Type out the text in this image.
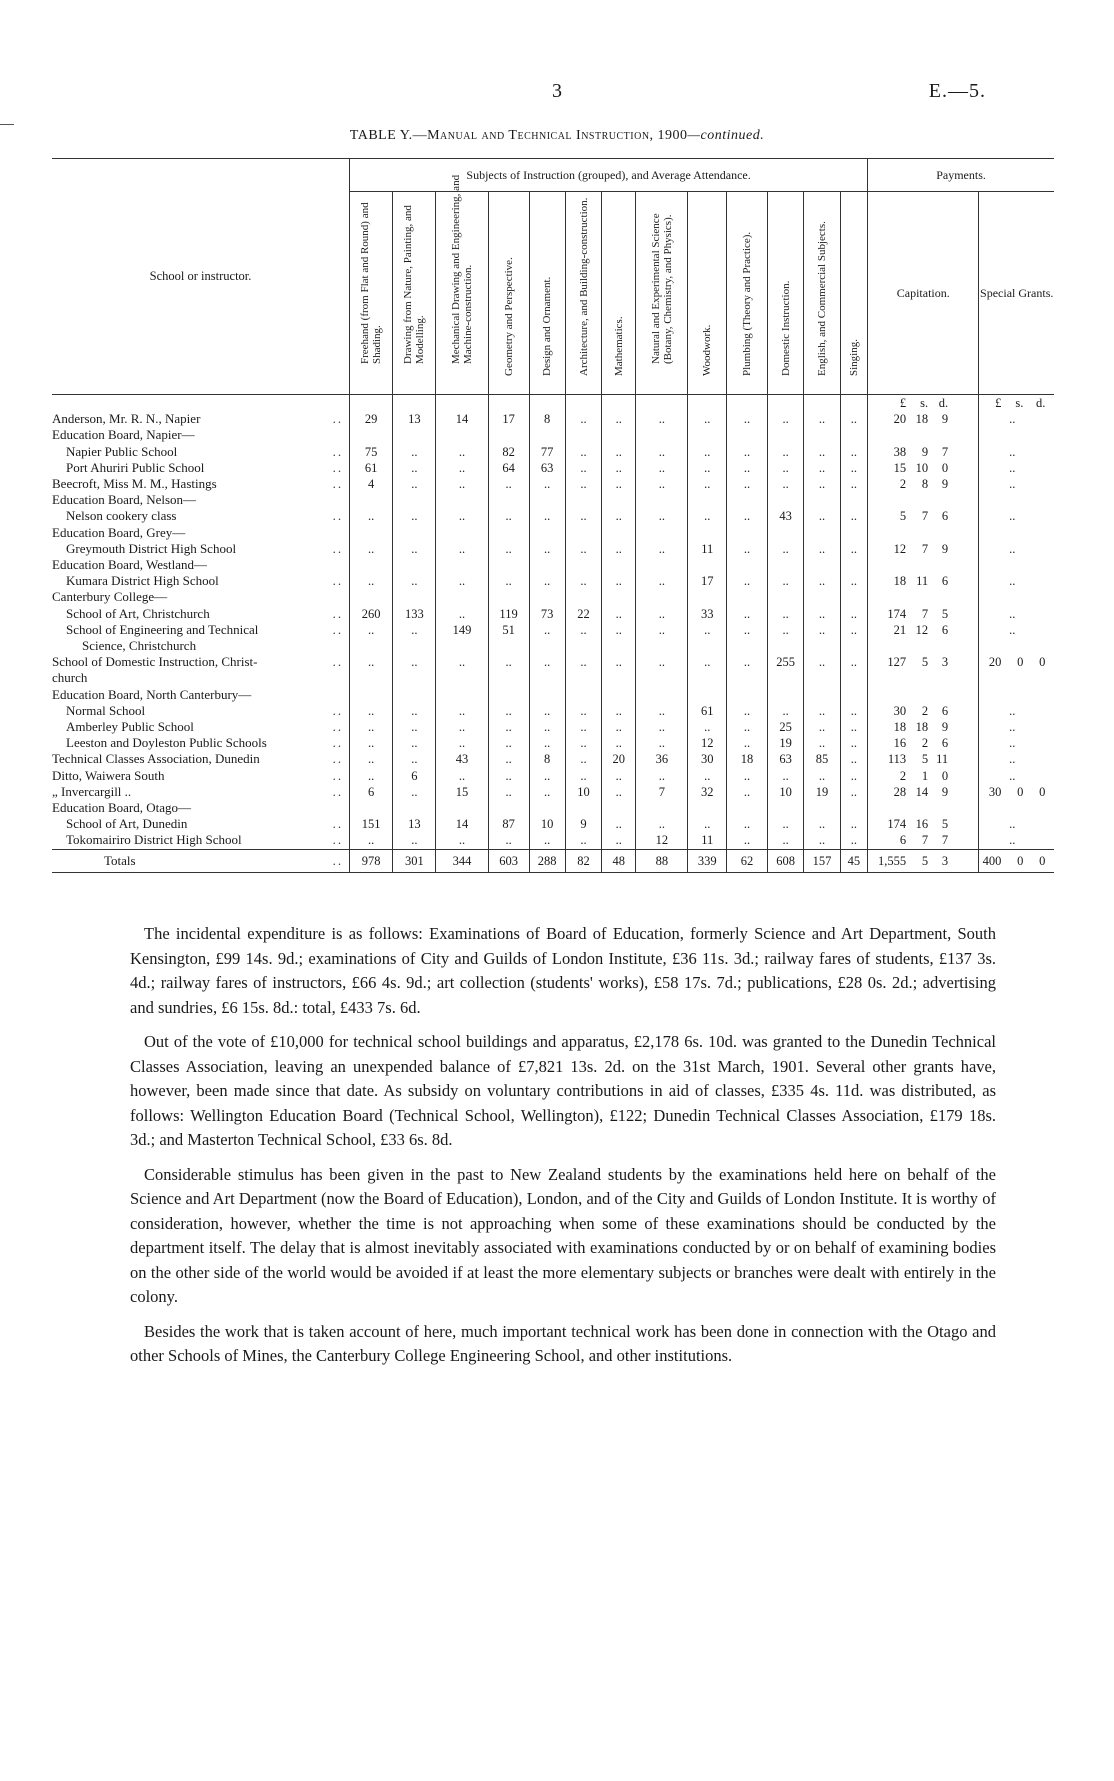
3	E.—5.
TABLE Y.—Manual and Technical Instruction, 1900—continued.
School or instructor.	Subjects of Instruction (grouped), and Average Attendance.													Payments.	

	Freehand (from Flat and Round) and Shading.	Drawing from Nature, Painting, and Modelling.	Mechanical Drawing and Engineering, and Machine-construction.	Geometry and Perspective.	Design and Ornament.	Architecture, and Building-construction.	Mathematics.	Natural and Experimental Science (Botany, Chemistry, and Physics).	Woodwork.	Plumbing (Theory and Practice).	Domestic Instruction.	English, and Commercial Subjects.	Singing.	Capitation.	Special Grants.
														£ s. d.	£ s. d.
Anderson, Mr. R. N., Napier ..	29	13	14	17	8	..	..	..	..	..	..	..	..	20 18 9	..
Education Board, Napier—															
Napier Public School ..	75	..	..	82	77	..	..	..	..	..	..	..	..	38 9 7	..
Port Ahuriri Public School ..	61	..	..	64	63	..	..	..	..	..	..	..	..	15 10 0	..
Beecroft, Miss M. M., Hastings ..	4	..	..	..	..	..	..	..	..	..	..	..	..	2 8 9	..
Education Board, Nelson—															
Nelson cookery class ..	..	..	..	..	..	..	..	..	..	..	43	..	..	5 7 6	..
Education Board, Grey—															
Greymouth District High School ..	..	..	..	..	..	..	..	..	11	..	..	..	..	12 7 9	..
Education Board, Westland—															
Kumara District High School ..	..	..	..	..	..	..	..	..	17	..	..	..	..	18 11 6	..
Canterbury College—															
School of Art, Christchurch ..	260	133	..	119	73	22	..	..	33	..	..	..	..	174 7 5	..
School of Engineering and Technical ..	..	..	149	51	..	..	..	..	..	..	..	..	..	21 12 6	..
Science, Christchurch															
School of Domestic Instruction, Christ- ..	..	..	..	..	..	..	..	..	..	..	255	..	..	127 5 3	20 0 0
church															
Education Board, North Canterbury—															
Normal School ..	..	..	..	..	..	..	..	..	61	..	..	..	..	30 2 6	..
Amberley Public School ..	..	..	..	..	..	..	..	..	..	..	25	..	..	18 18 9	..
Leeston and Doyleston Public Schools ..	..	..	..	..	..	..	..	..	12	..	19	..	..	16 2 6	..
Technical Classes Association, Dunedin ..	..	..	43	..	8	..	20	36	30	18	63	85	..	113 5 11	..
Ditto, Waiwera South ..	..	6	..	..	..	..	..	..	..	..	..	..	..	2 1 0	..
„ Invercargill .. ..	6	..	15	..	..	10	..	7	32	..	10	19	..	28 14 9	30 0 0
Education Board, Otago—															
School of Art, Dunedin ..	151	13	14	87	10	9	..	..	..	..	..	..	..	174 16 5	..
Tokomairiro District High School ..	..	..	..	..	..	..	..	12	11	..	..	..	..	6 7 7	..
Totals ..	978	301	344	603	288	82	48	88	339	62	608	157	45	1,555 5 3	400 0 0

The incidental expenditure is as follows: Examinations of Board of Education, formerly Science and Art Department, South Kensington, £99 14s. 9d.; examinations of City and Guilds of London Institute, £36 11s. 3d.; railway fares of students, £137 3s. 4d.; railway fares of instructors, £66 4s. 9d.; art collection (students' works), £58 17s. 7d.; publications, £28 0s. 2d.; advertising and sundries, £6 15s. 8d.: total, £433 7s. 6d.

Out of the vote of £10,000 for technical school buildings and apparatus, £2,178 6s. 10d. was granted to the Dunedin Technical Classes Association, leaving an unexpended balance of £7,821 13s. 2d. on the 31st March, 1901. Several other grants have, however, been made since that date. As subsidy on voluntary contributions in aid of classes, £335 4s. 11d. was distributed, as follows: Wellington Education Board (Technical School, Wellington), £122; Dunedin Technical Classes Association, £179 18s. 3d.; and Masterton Technical School, £33 6s. 8d.

Considerable stimulus has been given in the past to New Zealand students by the examinations held here on behalf of the Science and Art Department (now the Board of Education), London, and of the City and Guilds of London Institute. It is worthy of consideration, however, whether the time is not approaching when some of these examinations should be conducted by the department itself. The delay that is almost inevitably associated with examinations conducted by or on behalf of examining bodies on the other side of the world would be avoided if at least the more elementary subjects or branches were dealt with entirely in the colony.

Besides the work that is taken account of here, much important technical work has been done in connection with the Otago and other Schools of Mines, the Canterbury College Engineering School, and other institutions.
